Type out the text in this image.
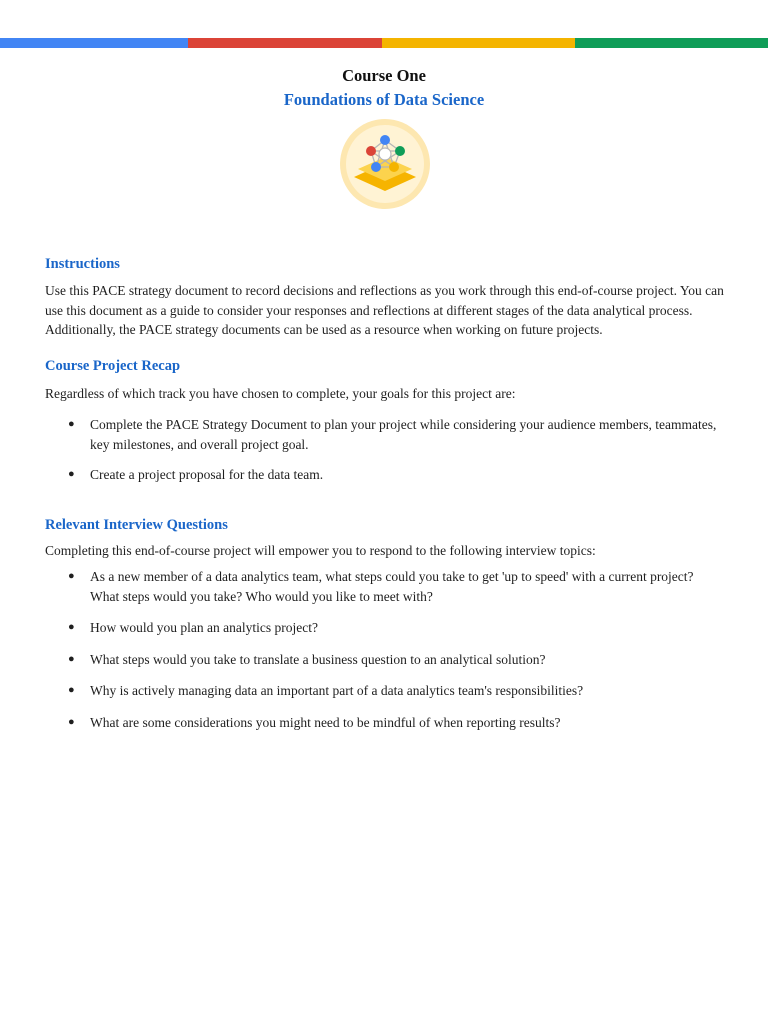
Course One
Foundations of Data Science
Instructions

Use this PACE strategy document to record decisions and reflections as you work through this end-of-course project. You can use this document as a guide to consider your responses and reflections at different stages of the data analytical process. Additionally, the PACE strategy documents can be used as a resource when working on future projects.

Course Project Recap

Regardless of which track you have chosen to complete, your goals for this project are:

● Complete the PACE Strategy Document to plan your project while considering your audience members, teammates, key milestones, and overall project goal.
● Create a project proposal for the data team.
Relevant Interview Questions

Completing this end-of-course project will empower you to respond to the following interview topics:

● As a new member of a data analytics team, what steps could you take to get 'up to speed' with a current project? What steps would you take? Who would you like to meet with?
● How would you plan an analytics project?
● What steps would you take to translate a business question to an analytical solution?
● Why is actively managing data an important part of a data analytics team's responsibilities?
● What are some considerations you might need to be mindful of when reporting results?
